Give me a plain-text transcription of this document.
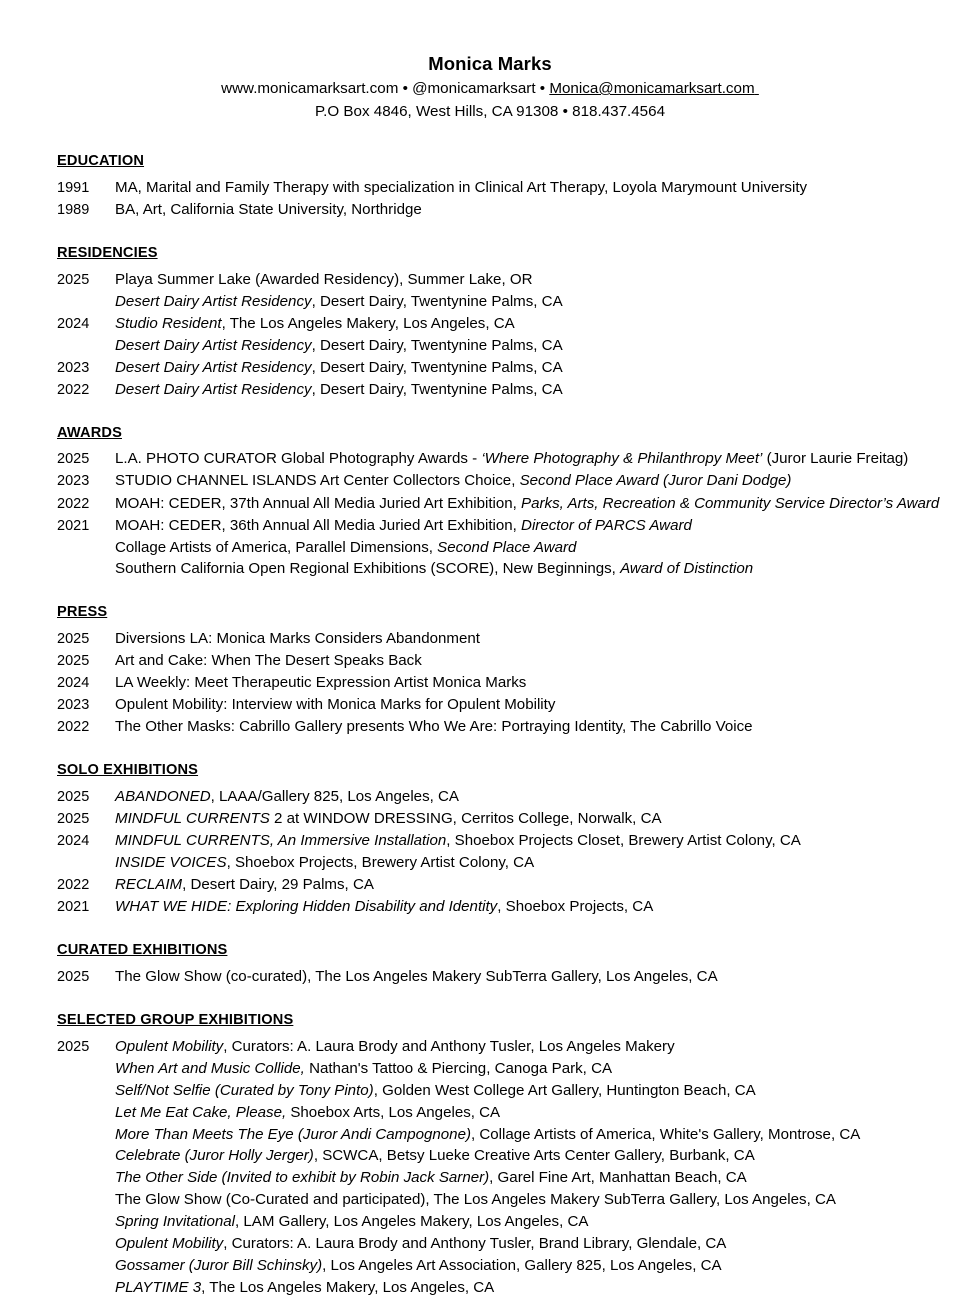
Monica Marks
www.monicamarksart.com • @monicamarksart • Monica@monicamarksart.com
P.O Box 4846, West Hills, CA 91308 • 818.437.4564
EDUCATION
1991	MA, Marital and Family Therapy with specialization in Clinical Art Therapy, Loyola Marymount University
1989	BA, Art, California State University, Northridge
RESIDENCIES
2025	Playa Summer Lake (Awarded Residency), Summer Lake, OR
Desert Dairy Artist Residency, Desert Dairy, Twentynine Palms, CA
2024	Studio Resident, The Los Angeles Makery, Los Angeles, CA
Desert Dairy Artist Residency, Desert Dairy, Twentynine Palms, CA
2023	Desert Dairy Artist Residency, Desert Dairy, Twentynine Palms, CA
2022	Desert Dairy Artist Residency, Desert Dairy, Twentynine Palms, CA
AWARDS
2025	L.A. PHOTO CURATOR Global Photography Awards - ‘Where Photography & Philanthropy Meet’ (Juror Laurie Freitag)
2023	STUDIO CHANNEL ISLANDS Art Center Collectors Choice, Second Place Award (Juror Dani Dodge)
2022	MOAH: CEDER, 37th Annual All Media Juried Art Exhibition, Parks, Arts, Recreation & Community Service Director’s Award
2021	MOAH: CEDER, 36th Annual All Media Juried Art Exhibition, Director of PARCS Award
Collage Artists of America, Parallel Dimensions, Second Place Award
Southern California Open Regional Exhibitions (SCORE), New Beginnings, Award of Distinction
PRESS
2025	Diversions LA: Monica Marks Considers Abandonment
2025	Art and Cake: When The Desert Speaks Back
2024	LA Weekly: Meet Therapeutic Expression Artist Monica Marks
2023	Opulent Mobility: Interview with Monica Marks for Opulent Mobility
2022	The Other Masks: Cabrillo Gallery presents Who We Are: Portraying Identity, The Cabrillo Voice
SOLO EXHIBITIONS
2025	ABANDONED, LAAA/Gallery 825, Los Angeles, CA
2025	MINDFUL CURRENTS 2 at WINDOW DRESSING, Cerritos College, Norwalk, CA
2024	MINDFUL CURRENTS, An Immersive Installation, Shoebox Projects Closet, Brewery Artist Colony, CA
INSIDE VOICES, Shoebox Projects, Brewery Artist Colony, CA
2022	RECLAIM, Desert Dairy, 29 Palms, CA
2021	WHAT WE HIDE: Exploring Hidden Disability and Identity, Shoebox Projects, CA
CURATED EXHIBITIONS
2025	The Glow Show (co-curated), The Los Angeles Makery SubTerra Gallery, Los Angeles, CA
SELECTED GROUP EXHIBITIONS
2025	Opulent Mobility, Curators: A. Laura Brody and Anthony Tusler, Los Angeles Makery
When Art and Music Collide, Nathan's Tattoo & Piercing, Canoga Park, CA
Self/Not Selfie (Curated by Tony Pinto), Golden West College Art Gallery, Huntington Beach, CA
Let Me Eat Cake, Please, Shoebox Arts, Los Angeles, CA
More Than Meets The Eye (Juror Andi Campognone), Collage Artists of America, White's Gallery, Montrose, CA
Celebrate (Juror Holly Jerger), SCWCA, Betsy Lueke Creative Arts Center Gallery, Burbank, CA
The Other Side (Invited to exhibit by Robin Jack Sarner), Garel Fine Art, Manhattan Beach, CA
The Glow Show (Co-Curated and participated), The Los Angeles Makery SubTerra Gallery, Los Angeles, CA
Spring Invitational, LAM Gallery, Los Angeles Makery, Los Angeles, CA
Opulent Mobility, Curators: A. Laura Brody and Anthony Tusler, Brand Library, Glendale, CA
Gossamer (Juror Bill Schinsky), Los Angeles Art Association, Gallery 825, Los Angeles, CA
PLAYTIME 3, The Los Angeles Makery, Los Angeles, CA
